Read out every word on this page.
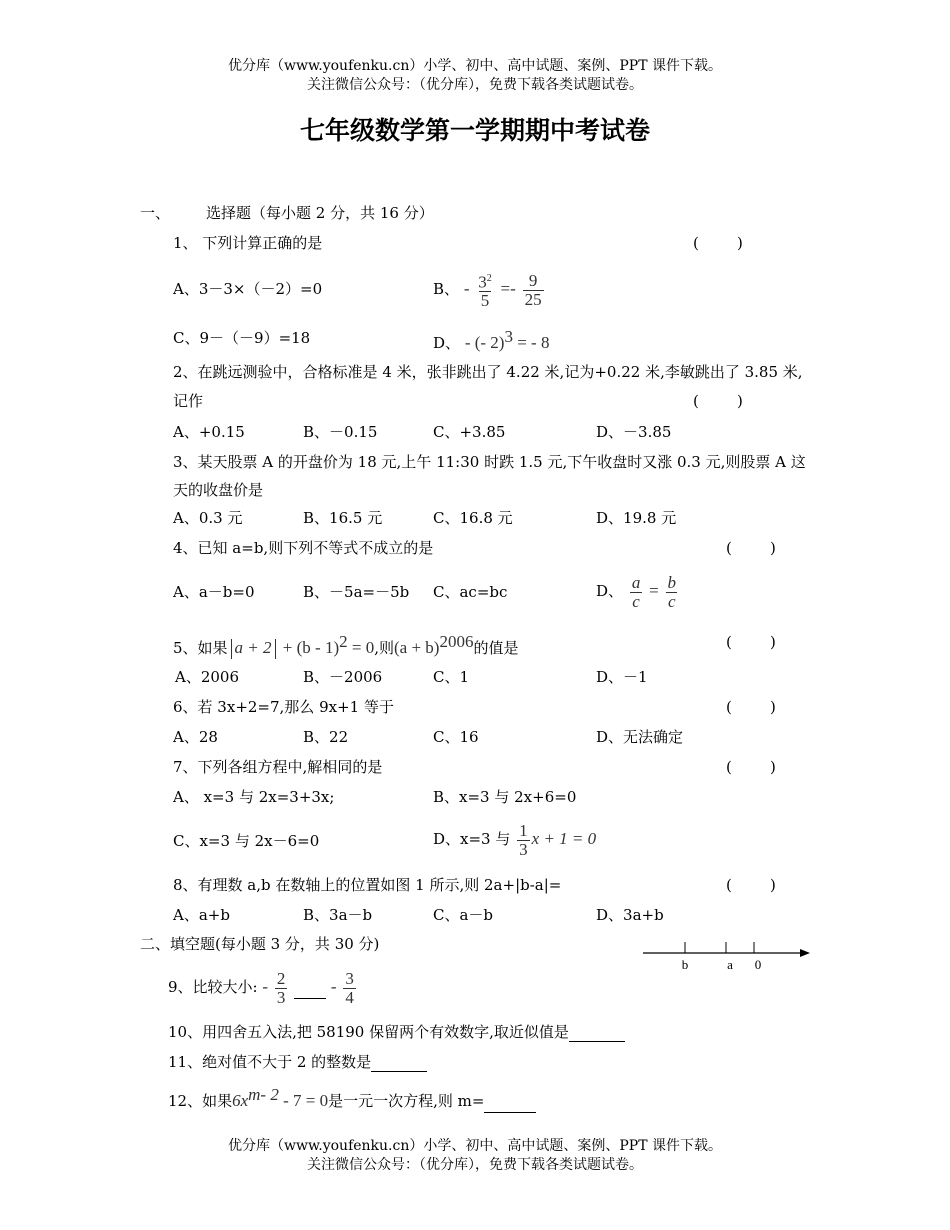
优分库（www.youfenku.cn）小学、初中、高中试题、案例、PPT 课件下载。
关注微信公众号：（优分库），免费下载各类试题试卷。
七年级数学第一学期期中考试卷
一、 选择题（每小题 2 分，共 16 分）
1、 下列计算正确的是	(        )
A、3－3×（－2）=0	B、 - $\frac{3^2}{5} =- \frac{9}{25}$
C、9－（－9）=18	D、 - (- 2)$^3$ = - 8
2、在跳远测验中，合格标准是 4 米，张非跳出了 4.22 米,记为+0.22 米,李敏跳出了 3.85 米,
记作	(        )
A、+0.15	B、－0.15	C、+3.85	D、－3.85
3、某天股票 A 的开盘价为 18 元,上午 11:30 时跌 1.5 元,下午收盘时又涨 0.3 元,则股票 A 这
天的收盘价是
A、0.3 元	B、16.5 元	C、16.8 元	D、19.8 元
4、已知 a=b,则下列不等式不成立的是	(        )
A、a－b=0	B、－5a=－5b C、ac=bc	D、 $\frac{a}{c} = \frac{b}{c}$
5、如果 a + 2 + (b - 1)$^2$ = 0,则$(a + b)^{2006}$的值是	(        )
A、2006	B、－2006	C、1	D、－1
6、若 3x+2=7,那么 9x+1 等于	(        )
A、28	B、22	C、16	D、无法确定
7、下列各组方程中,解相同的是	(        )
A、 x=3 与 2x=3+3x;	B、x=3 与 2x+6=0
C、x=3 与 2x－6=0	D、x=3 与 $\frac{1}{3}$ x + 1 = 0
8、有理数 a,b 在数轴上的位置如图 1 所示,则 2a+|b-a|=	(        )
A、a+b	B、3a－b	C、a－b	D、3a+b
二、填空题(每小题 3 分，共 30 分)
b	a 0
9、比较大小: - $\frac{2}{3}$	- $\frac{3}{4}$
10、用四舍五入法,把 58190 保留两个有效数字,取近似值是
11、绝对值不大于 2 的整数是
12、如果$6x^{m- 2} - 7 = 0$是一元一次方程,则 m=
优分库（www.youfenku.cn）小学、初中、高中试题、案例、PPT 课件下载。
关注微信公众号：（优分库），免费下载各类试题试卷。
